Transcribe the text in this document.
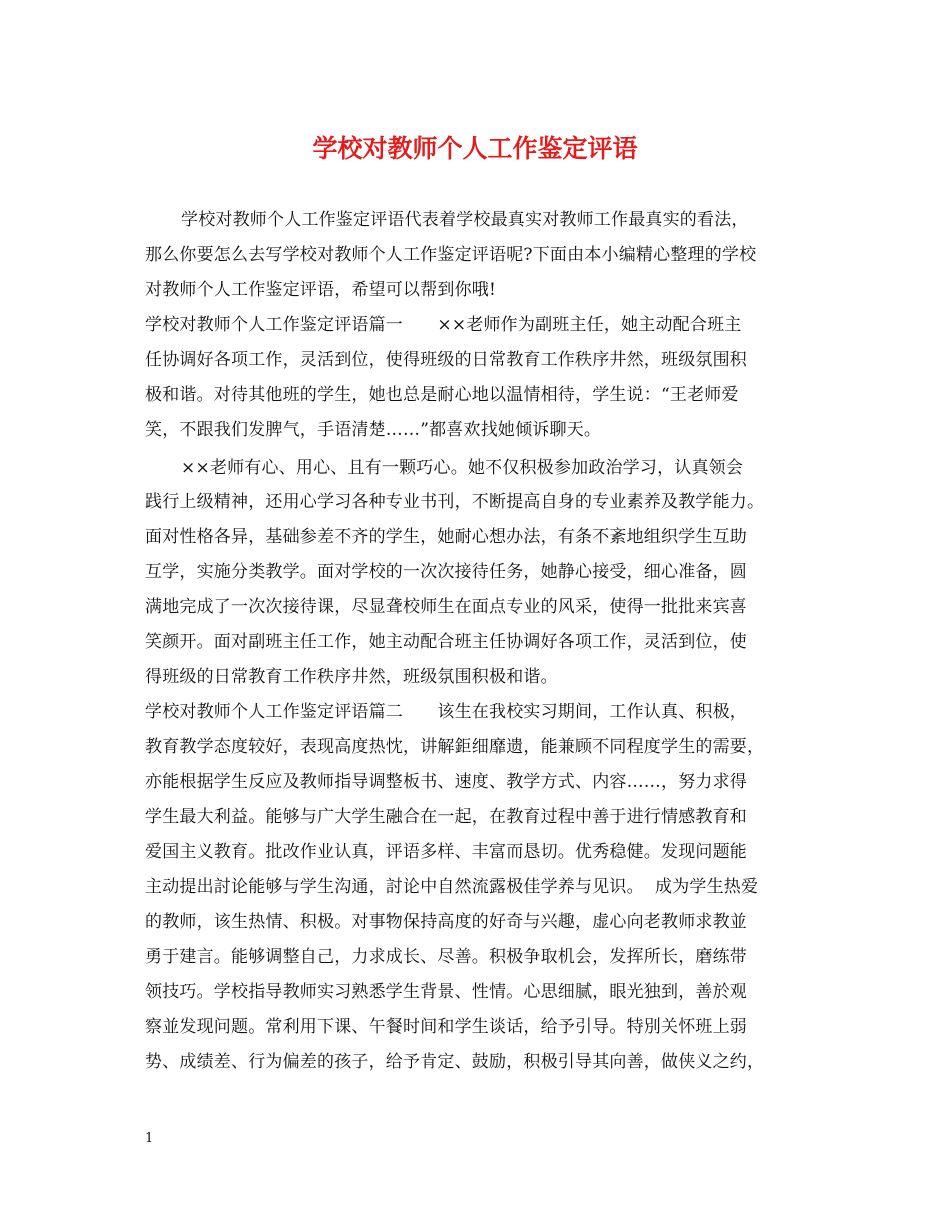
学校对教师个人工作鉴定评语
学校对教师个人工作鉴定评语代表着学校最真实对教师工作最真实的看法，
那么你要怎么去写学校对教师个人工作鉴定评语呢?下面由本小编精心整理的学校
对教师个人工作鉴定评语，希望可以帮到你哦!
学校对教师个人工作鉴定评语篇一　　××老师作为副班主任，她主动配合班主
任协调好各项工作，灵活到位，使得班级的日常教育工作秩序井然，班级氛围积
极和谐。对待其他班的学生，她也总是耐心地以温情相待，学生说：“王老师爱
笑，不跟我们发脾气，手语清楚……”都喜欢找她倾诉聊天。
××老师有心、用心、且有一颗巧心。她不仅积极参加政治学习，认真领会
践行上级精神，还用心学习各种专业书刊，不断提高自身的专业素养及教学能力。
面对性格各异，基础参差不齐的学生，她耐心想办法，有条不紊地组织学生互助
互学，实施分类教学。面对学校的一次次接待任务，她静心接受，细心准备，圆
满地完成了一次次接待课，尽显聋校师生在面点专业的风采，使得一批批来宾喜
笑颜开。面对副班主任工作，她主动配合班主任协调好各项工作，灵活到位，使
得班级的日常教育工作秩序井然，班级氛围积极和谐。
学校对教师个人工作鉴定评语篇二　　该生在我校实习期间，工作认真、积极，
教育教学态度较好，表现高度热忱，讲解鉅细靡遗，能兼顾不同程度学生的需要，
亦能根据学生反应及教师指导调整板书、速度、教学方式、内容……，努力求得
学生最大利益。能够与广大学生融合在一起，在教育过程中善于进行情感教育和
爱国主义教育。批改作业认真，评语多样、丰富而恳切。优秀稳健。发现问题能
主动提出討论能够与学生沟通，討论中自然流露极佳学养与见识。  成为学生热爱
的教师，该生热情、积极。对事物保持高度的好奇与兴趣，虚心向老教师求教並
勇于建言。能够调整自己，力求成长、尽善。积极争取机会，发挥所长，磨练带
领技巧。学校指导教师实习熟悉学生背景、性情。心思细腻，眼光独到，善於观
察並发现问题。常利用下课、午餐时间和学生谈话，给予引导。特別关怀班上弱
势、成绩差、行为偏差的孩子，给予肯定、鼓励，积极引导其向善，做侠义之约，
1
